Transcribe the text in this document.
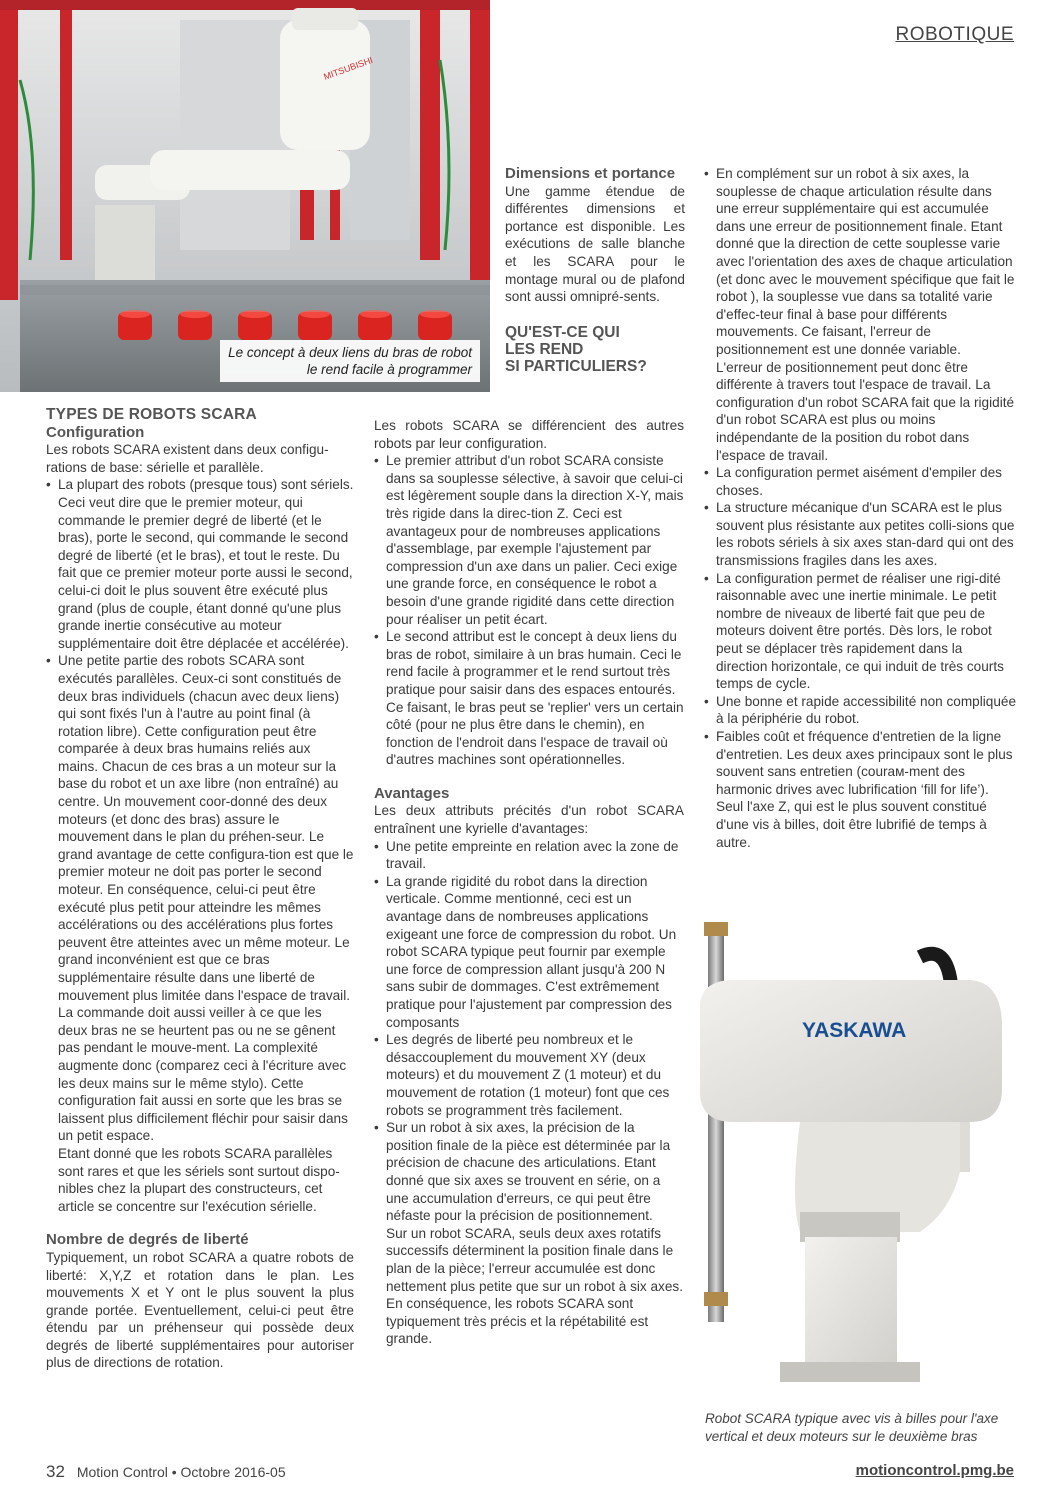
ROBOTIQUE
MITSUBISHI
Le concept à deux liens du bras de robot
le rend facile à programmer

TYPES DE ROBOTS SCARA

Configuration

Les robots SCARA existent dans deux configu-rations de base: sérielle et parallèle.

• La plupart des robots (presque tous) sont sériels. Ceci veut dire que le premier moteur, qui commande le premier degré de liberté (et le bras), porte le second, qui commande le second degré de liberté (et le bras), et tout le reste. Du fait que ce premier moteur porte aussi le second, celui-ci doit le plus souvent être exécuté plus grand (plus de couple, étant donné qu'une plus grande inertie consécutive au moteur supplémentaire doit être déplacée et accélérée).

• Une petite partie des robots SCARA sont exécutés parallèles. Ceux-ci sont constitués de deux bras individuels (chacun avec deux liens) qui sont fixés l'un à l'autre au point final (à rotation libre). Cette configuration peut être comparée à deux bras humains reliés aux mains. Chacun de ces bras a un moteur sur la base du robot et un axe libre (non entraîné) au centre. Un mouvement coor-donné des deux moteurs (et donc des bras) assure le mouvement dans le plan du préhen-seur. Le grand avantage de cette configura-tion est que le premier moteur ne doit pas porter le second moteur. En conséquence, celui-ci peut être exécuté plus petit pour atteindre les mêmes accélérations ou des accélérations plus fortes peuvent être atteintes avec un même moteur. Le grand inconvénient est que ce bras supplémentaire résulte dans une liberté de mouvement plus limitée dans l'espace de travail. La commande doit aussi veiller à ce que les deux bras ne se heurtent pas ou ne se gênent pas pendant le mouve-ment. La complexité augmente donc (comparez ceci à l'écriture avec les deux mains sur le même stylo). Cette configuration fait aussi en sorte que les bras se laissent plus difficilement fléchir pour saisir dans un petit espace.

Etant donné que les robots SCARA parallèles sont rares et que les sériels sont surtout dispo-nibles chez la plupart des constructeurs, cet article se concentre sur l'exécution sérielle.

Nombre de degrés de liberté

Typiquement, un robot SCARA a quatre robots de liberté: X,Y,Z et rotation dans le plan. Les mouvements X et Y ont le plus souvent la plus grande portée. Eventuellement, celui-ci peut être étendu par un préhenseur qui possède deux degrés de liberté supplémentaires pour autoriser plus de directions de rotation.

Dimensions et portance

Une gamme étendue de différentes dimensions et portance est disponible. Les exécutions de salle blanche et les SCARA pour le montage mural ou de plafond sont aussi omnipré-sents.

QU'EST-CE QUI
LES REND
SI PARTICULIERS?

Les robots SCARA se différencient des autres robots par leur configuration.

• Le premier attribut d'un robot SCARA consiste dans sa souplesse sélective, à savoir que celui-ci est légèrement souple dans la direction X-Y, mais très rigide dans la direc-tion Z. Ceci est avantageux pour de nombreuses applications d'assemblage, par exemple l'ajustement par compression d'un axe dans un palier. Ceci exige une grande force, en conséquence le robot a besoin d'une grande rigidité dans cette direction pour réaliser un petit écart.

• Le second attribut est le concept à deux liens du bras de robot, similaire à un bras humain. Ceci le rend facile à programmer et le rend surtout très pratique pour saisir dans des espaces entourés. Ce faisant, le bras peut se 'replier' vers un certain côté (pour ne plus être dans le chemin), en fonction de l'endroit dans l'espace de travail où d'autres machines sont opérationnelles.

Avantages

Les deux attributs précités d'un robot SCARA entraînent une kyrielle d'avantages:

• Une petite empreinte en relation avec la zone de travail.

• La grande rigidité du robot dans la direction verticale. Comme mentionné, ceci est un avantage dans de nombreuses applications exigeant une force de compression du robot. Un robot SCARA typique peut fournir par exemple une force de compression allant jusqu'à 200 N sans subir de dommages. C'est extrêmement pratique pour l'ajustement par compression des composants

• Les degrés de liberté peu nombreux et le désaccouplement du mouvement XY (deux moteurs) et du mouvement Z (1 moteur) et du mouvement de rotation (1 moteur) font que ces robots se programment très facilement.

• Sur un robot à six axes, la précision de la position finale de la pièce est déterminée par la précision de chacune des articulations. Etant donné que six axes se trouvent en série, on a une accumulation d'erreurs, ce qui peut être néfaste pour la précision de positionnement.

Sur un robot SCARA, seuls deux axes rotatifs successifs déterminent la position finale dans le plan de la pièce; l'erreur accumulée est donc nettement plus petite que sur un robot à six axes. En conséquence, les robots SCARA sont typiquement très précis et la répétabilité est grande.

• En complément sur un robot à six axes, la souplesse de chaque articulation résulte dans une erreur supplémentaire qui est accumulée dans une erreur de positionnement finale. Etant donné que la direction de cette souplesse varie avec l'orientation des axes de chaque articulation (et donc avec le mouvement spécifique que fait le robot ), la souplesse vue dans sa totalité varie d'effec-teur final à base pour différents mouvements. Ce faisant, l'erreur de positionnement est une donnée variable.

L'erreur de positionnement peut donc être différente à travers tout l'espace de travail. La configuration d'un robot SCARA fait que la rigidité d'un robot SCARA est plus ou moins indépendante de la position du robot dans l'espace de travail.

• La configuration permet aisément d'empiler des choses.

• La structure mécanique d'un SCARA est le plus souvent plus résistante aux petites colli-sions que les robots sériels à six axes stan-dard qui ont des transmissions fragiles dans les axes.

• La configuration permet de réaliser une rigi-dité raisonnable avec une inertie minimale. Le petit nombre de niveaux de liberté fait que peu de moteurs doivent être portés. Dès lors, le robot peut se déplacer très rapidement dans la direction horizontale, ce qui induit de très courts temps de cycle.

• Une bonne et rapide accessibilité non compliquée à la périphérie du robot.

• Faibles coût et fréquence d'entretien de la ligne d'entretien. Les deux axes principaux sont le plus souvent sans entretien (courам-ment des harmonic drives avec lubrification ‘fill for life’). Seul l'axe Z, qui est le plus souvent constitué d'une vis à billes, doit être lubrifié de temps à autre.

YASKAWA
Robot SCARA typique avec vis à billes pour l'axe
vertical et deux moteurs sur le deuxième bras
32 Motion Control • Octobre 2016-05	motioncontrol.pmg.be
